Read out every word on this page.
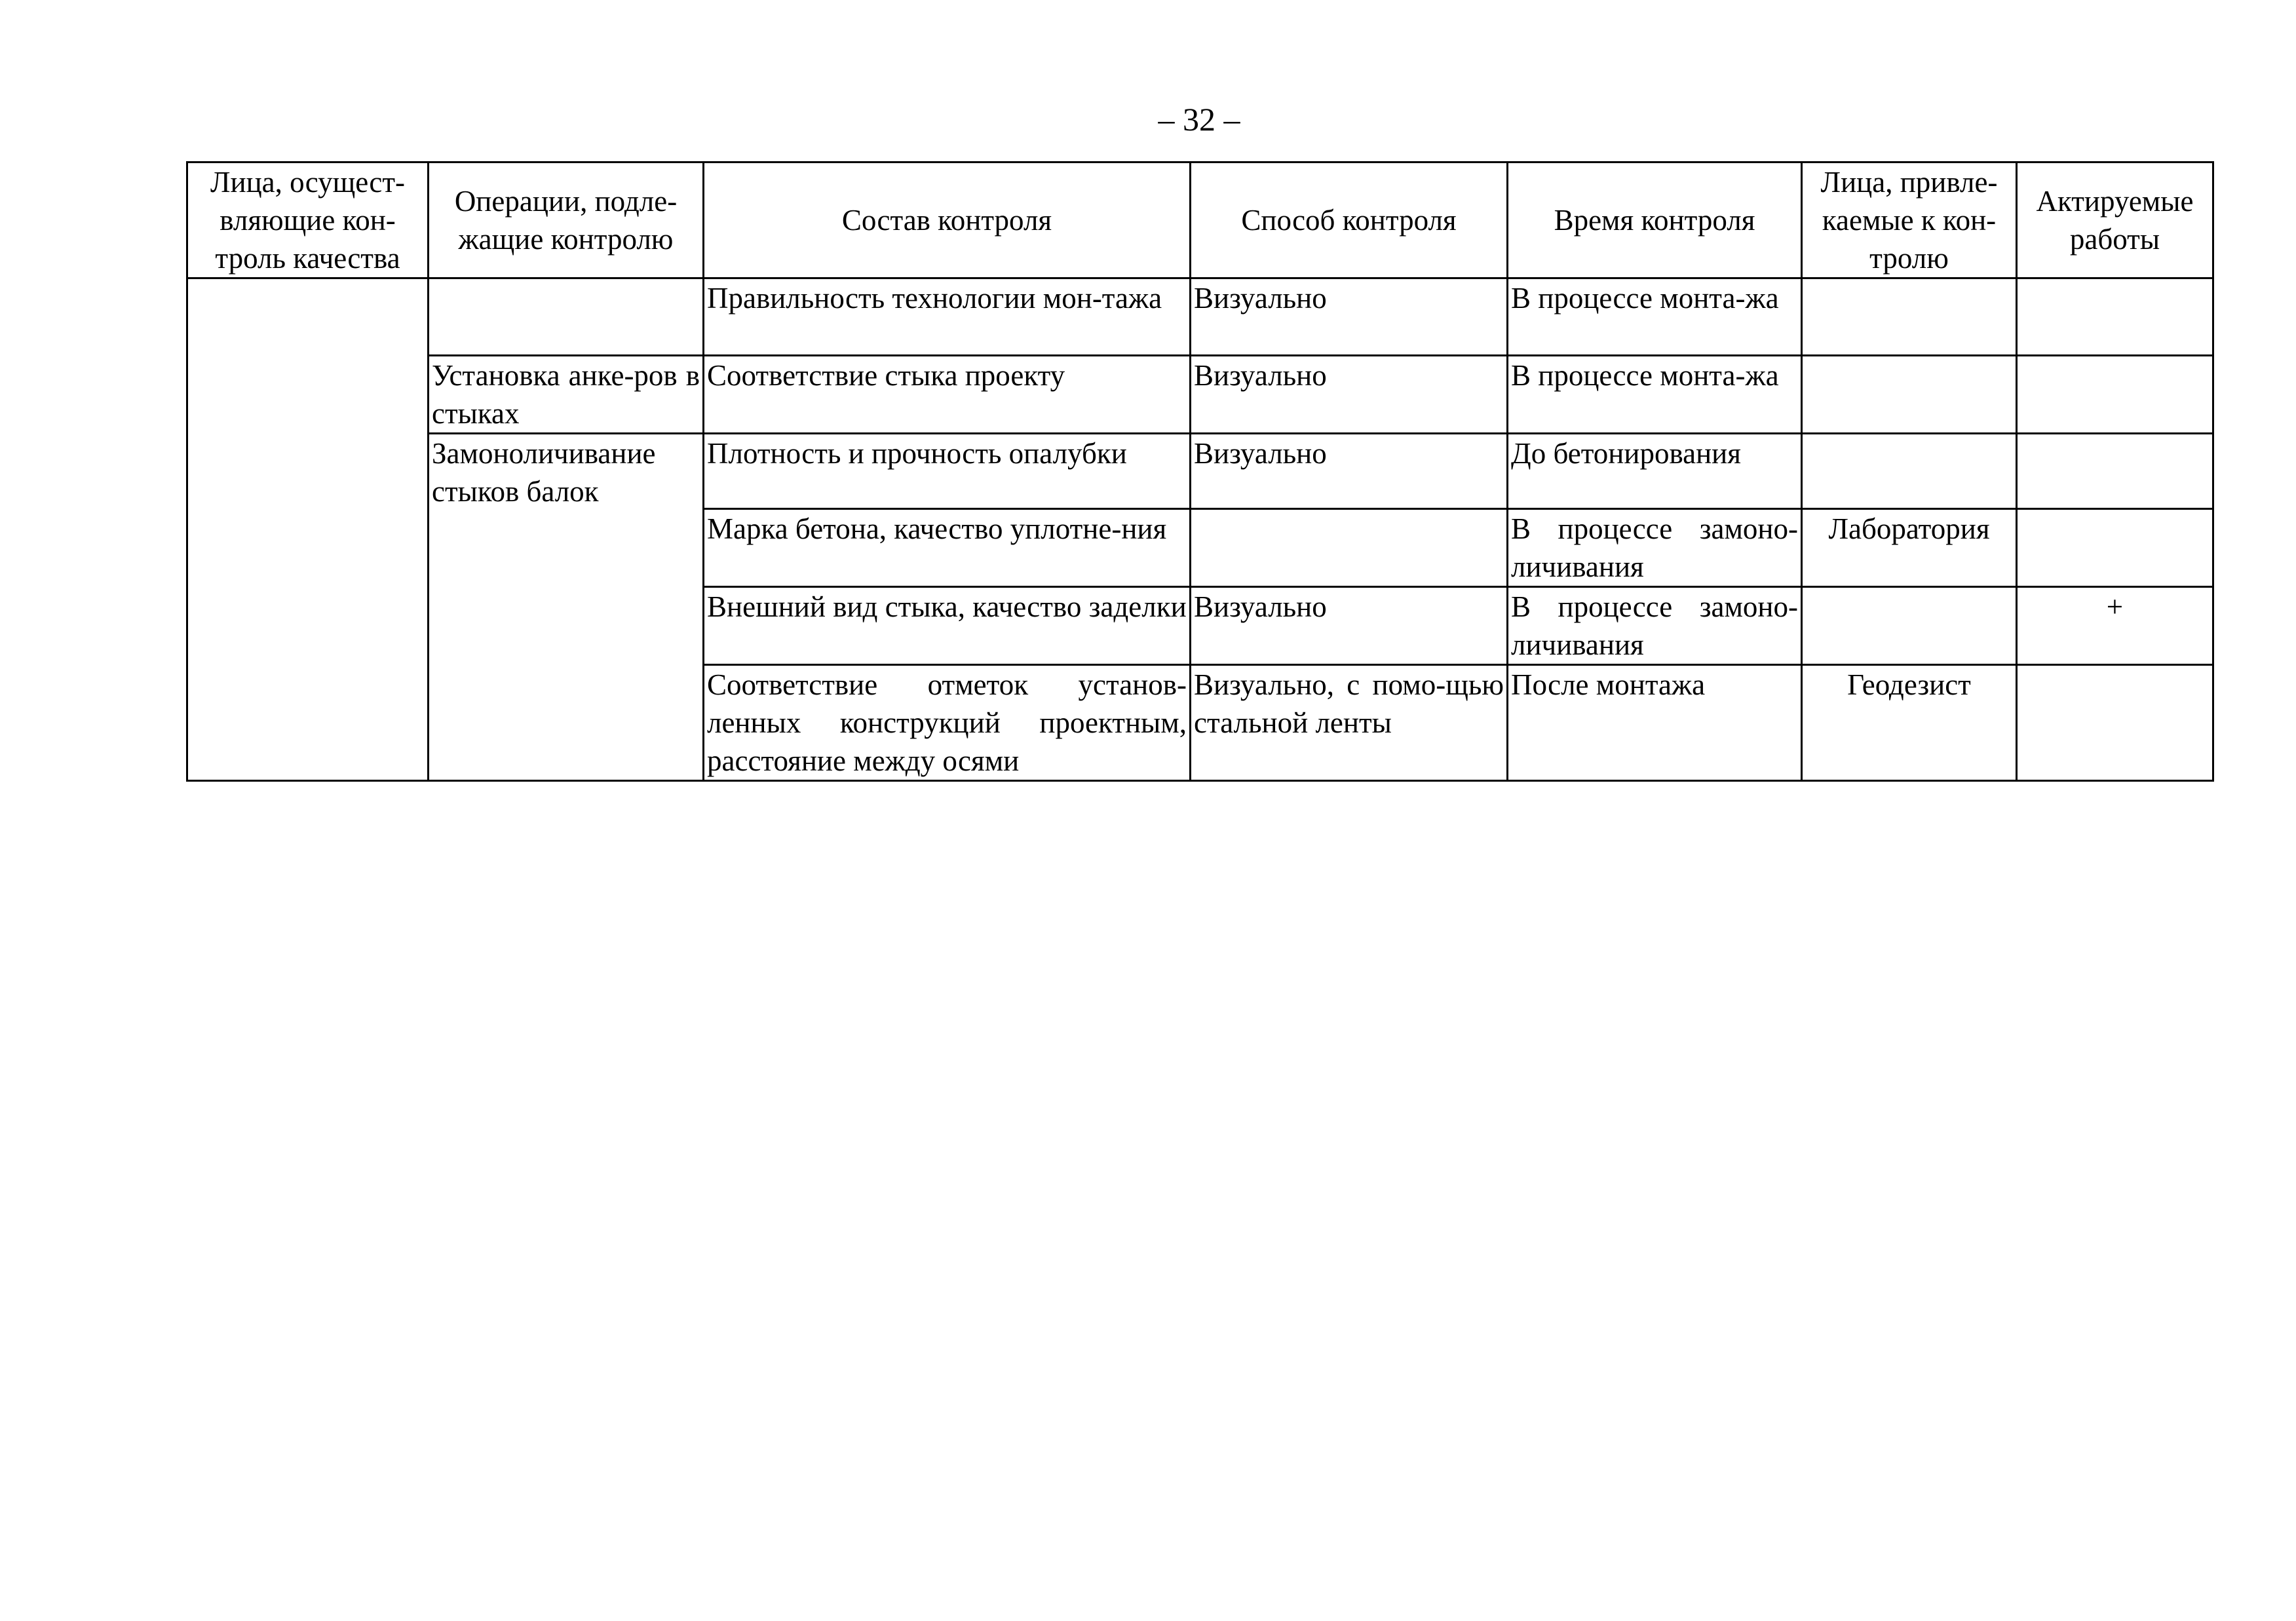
– 32 –
Лица, осущест-вляющие кон-троль качества	Операции, подле-жащие контролю	Состав контроля	Способ контроля	Время контроля	Лица, привле-каемые к кон-тролю	Актируемые работы
		Правильность технологии мон-тажа	Визуально	В процессе монта-жа		
	Установка анке-ров в стыках	Соответствие стыка проекту	Визуально	В процессе монта-жа		
	Замоноличивание стыков балок	Плотность и прочность опалубки	Визуально	До бетонирования		
		Марка бетона, качество уплотне-ния		В процессе замоно-личивания	Лаборатория	
		Внешний вид стыка, качество заделки	Визуально	В процессе замоно-личивания		+
		Соответствие отметок установ-ленных конструкций проектным, расстояние между осями	Визуально, с помо-щью стальной ленты	После монтажа	Геодезист	
